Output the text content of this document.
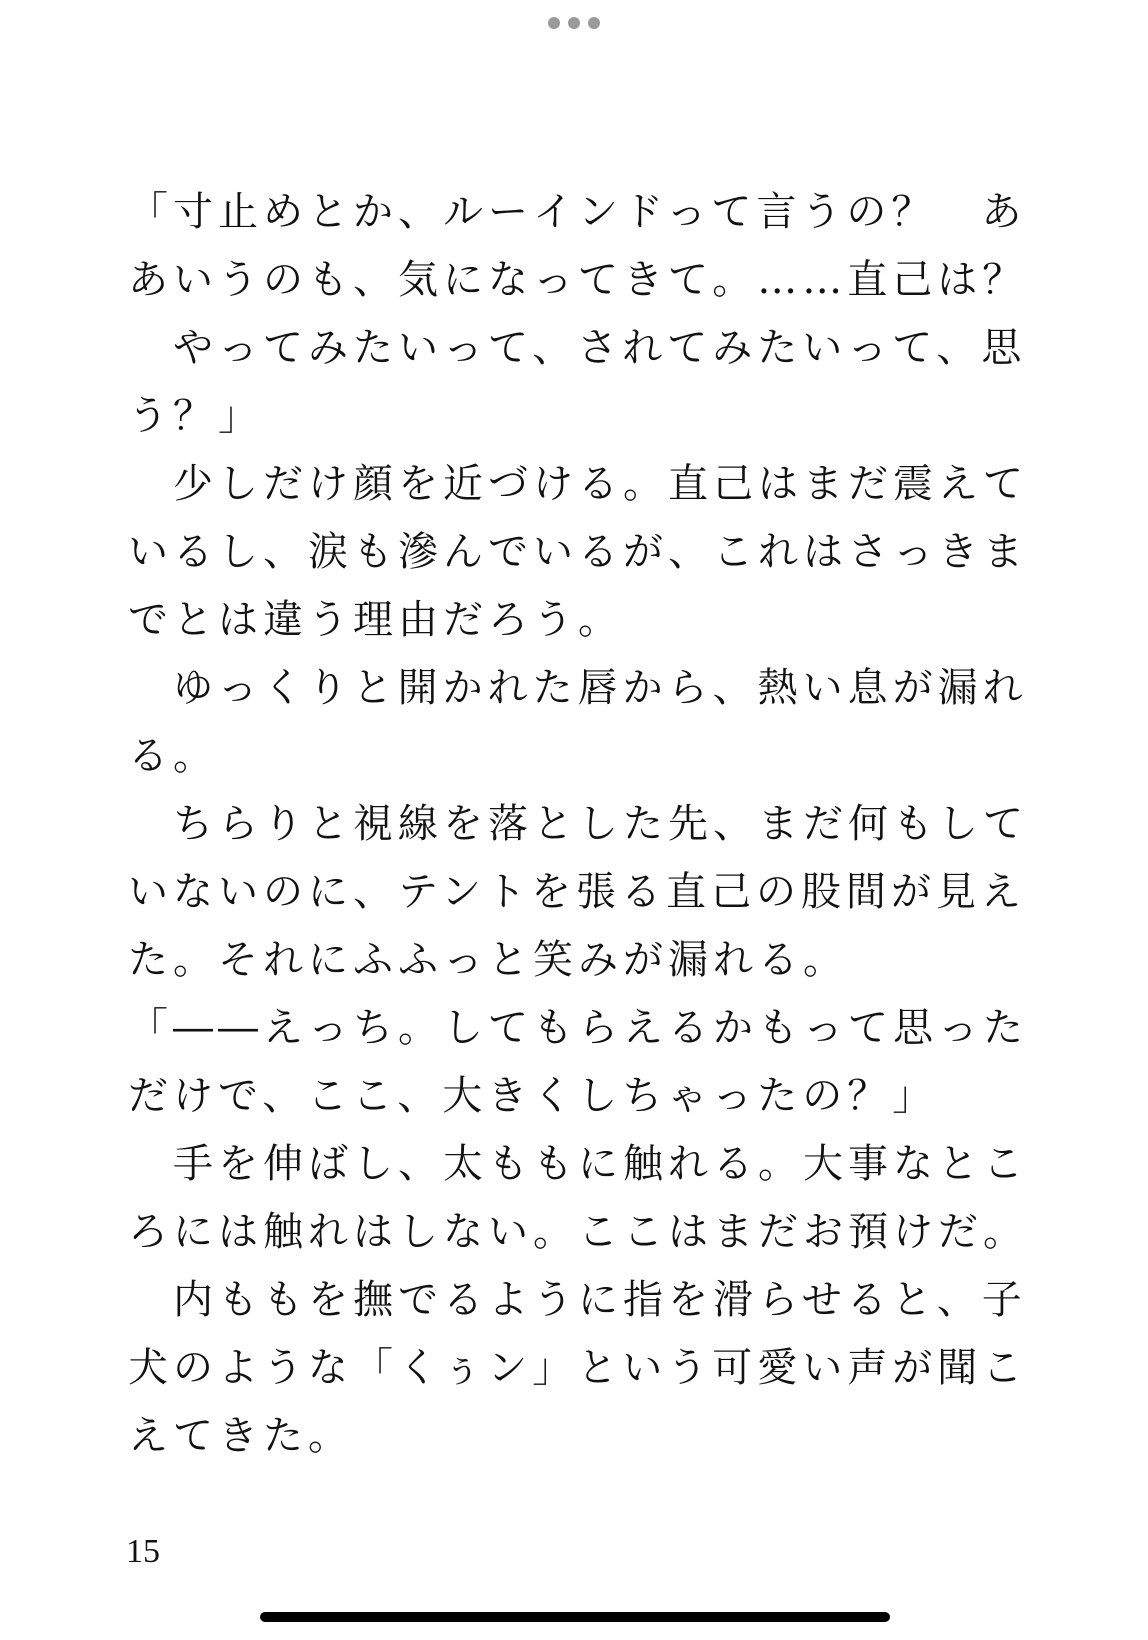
「寸止めとか、ルーインドって言うの？　あ
あいうのも、気になってきて。……直己は？
　やってみたいって、されてみたいって、思
う？」
　少しだけ顔を近づける。直己はまだ震えて
いるし、涙も滲んでいるが、これはさっきま
でとは違う理由だろう。
　ゆっくりと開かれた唇から、熱い息が漏れ
る。
　ちらりと視線を落とした先、まだ何もして
いないのに、テントを張る直己の股間が見え
た。それにふふっと笑みが漏れる。
「――えっち。してもらえるかもって思った
だけで、ここ、大きくしちゃったの？」
　手を伸ばし、太ももに触れる。大事なとこ
ろには触れはしない。ここはまだお預けだ。
　内ももを撫でるように指を滑らせると、子
犬のような「くぅン」という可愛い声が聞こ
えてきた。
15
